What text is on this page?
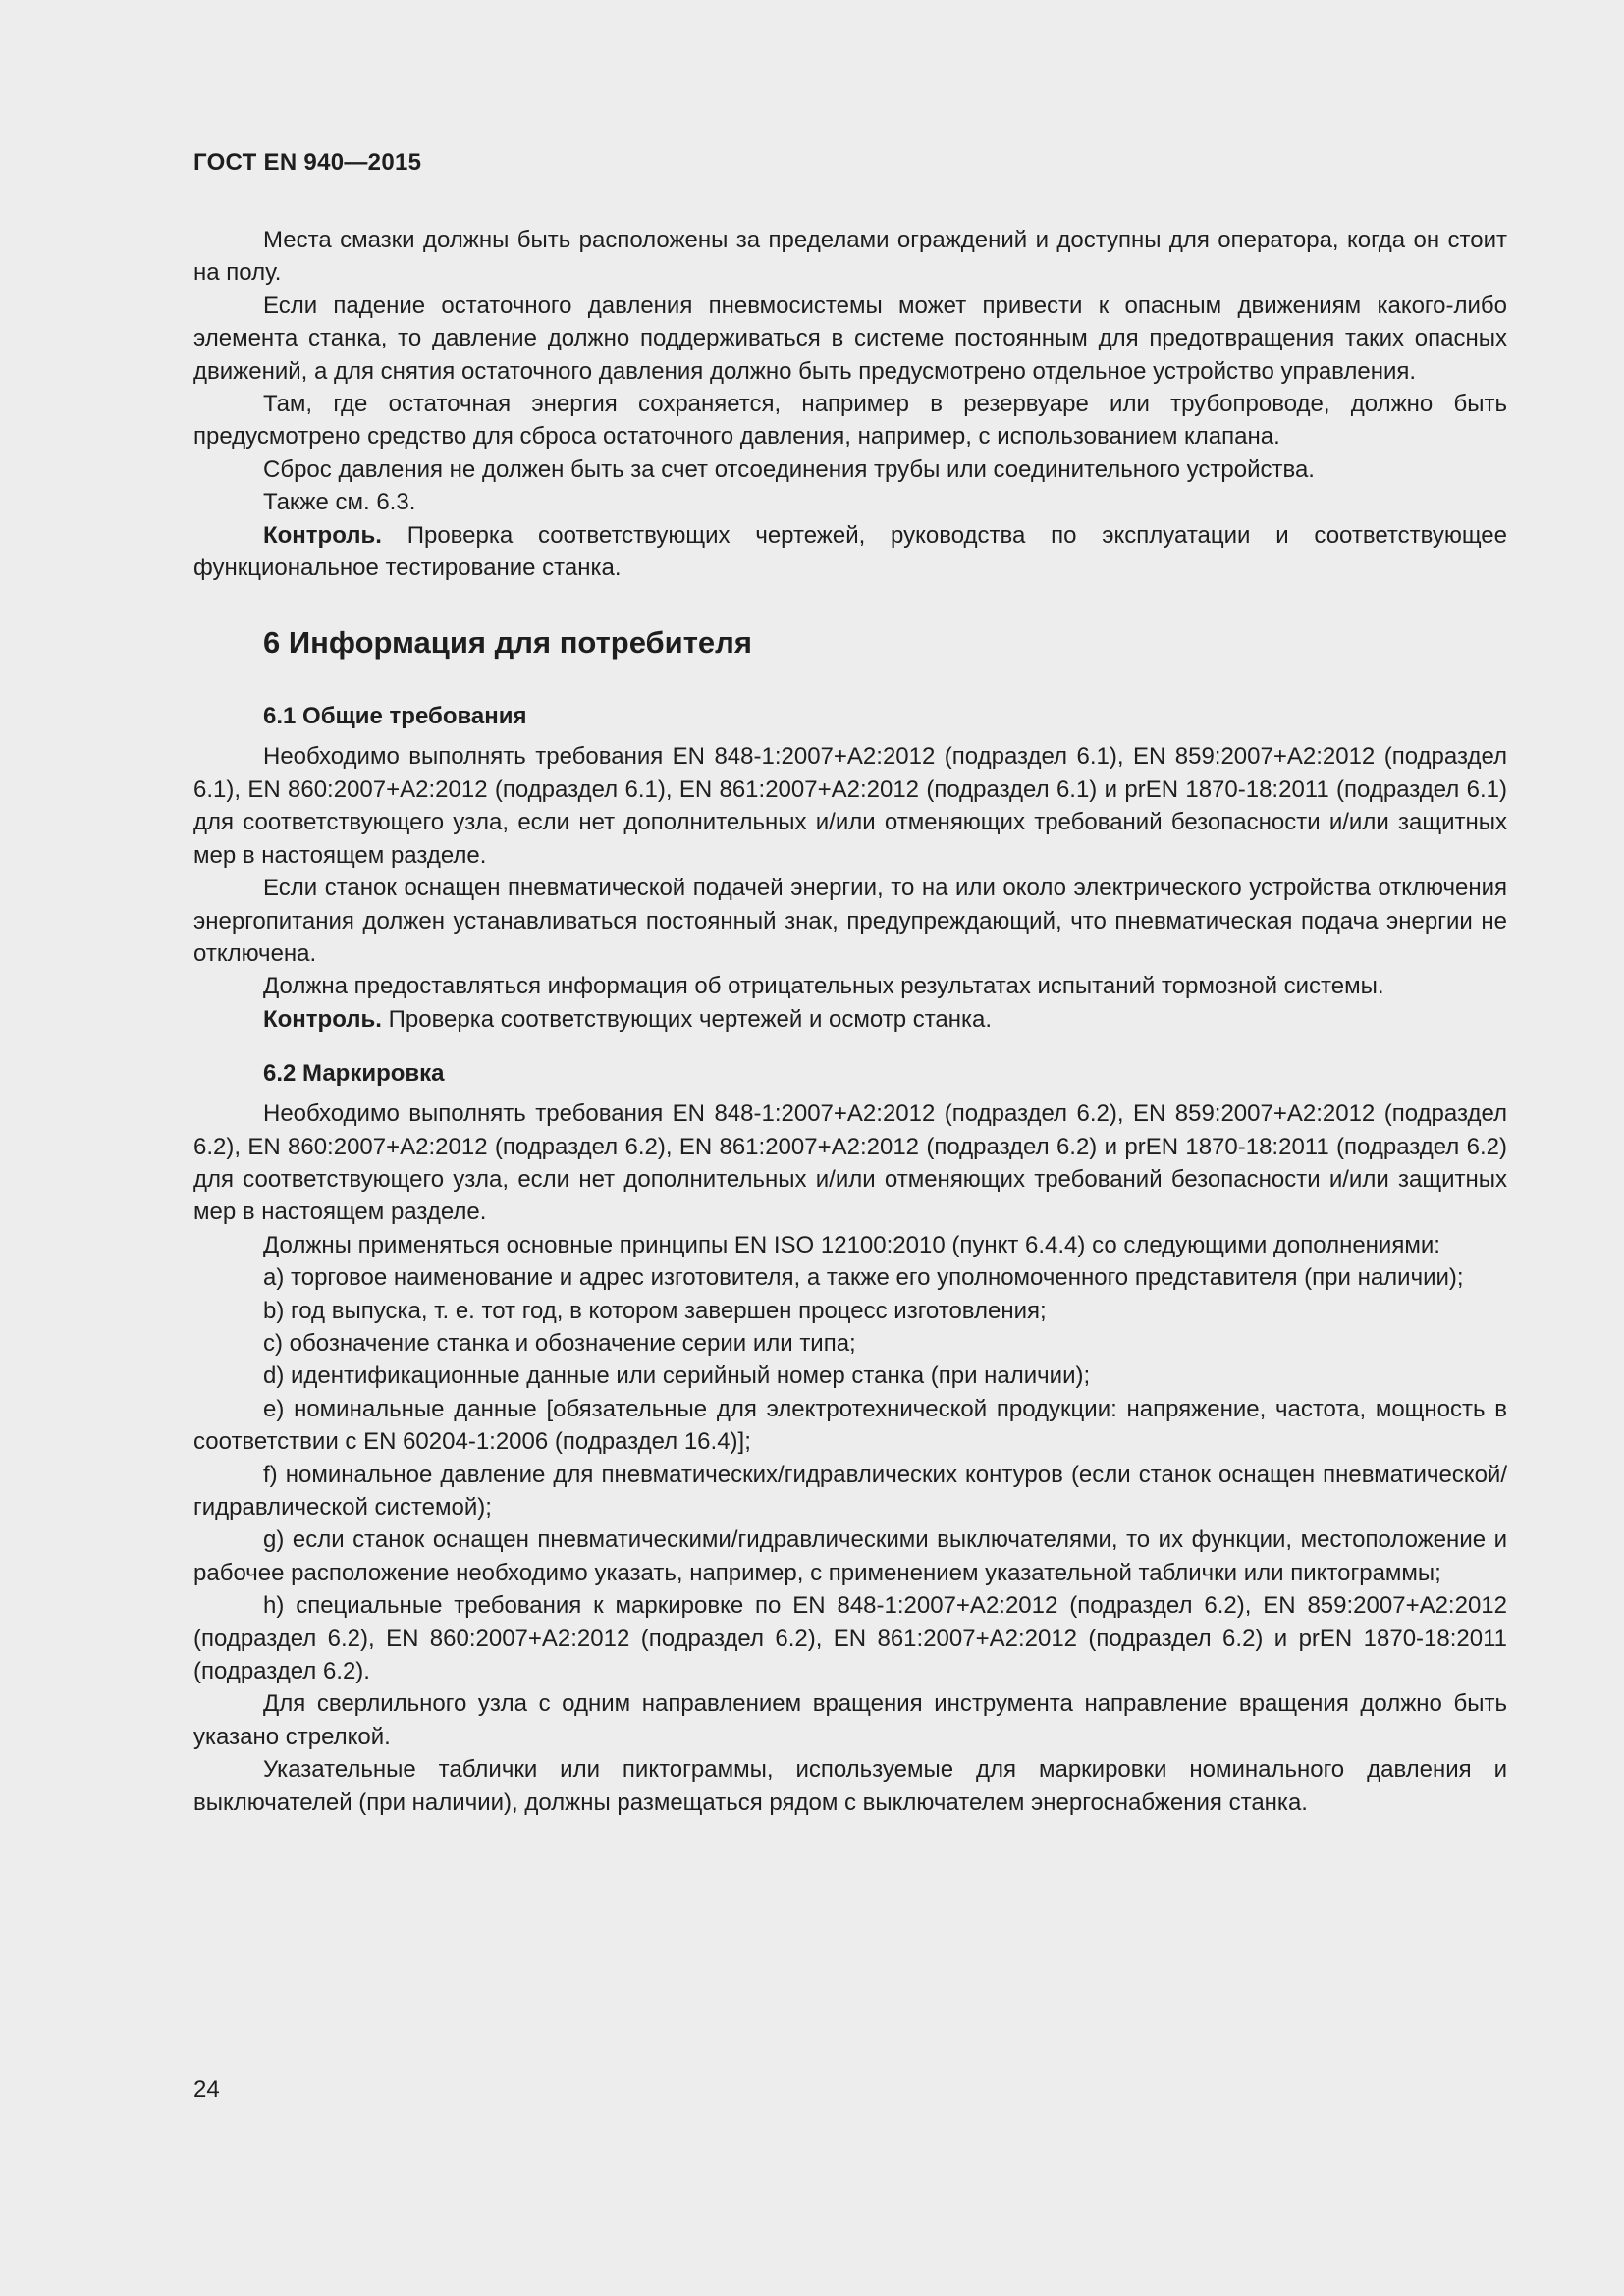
ГОСТ EN 940—2015

Места смазки должны быть расположены за пределами ограждений и доступны для оператора, когда он стоит на полу.

Если падение остаточного давления пневмосистемы может привести к опасным движениям какого-либо элемента станка, то давление должно поддерживаться в системе постоянным для предотвращения таких опасных движений, а для снятия остаточного давления должно быть предусмотрено отдельное устройство управления.

Там, где остаточная энергия сохраняется, например в резервуаре или трубопроводе, должно быть предусмотрено средство для сброса остаточного давления, например, с использованием клапана.

Сброс давления не должен быть за счет отсоединения трубы или соединительного устройства.

Также см. 6.3.

Контроль. Проверка соответствующих чертежей, руководства по эксплуатации и соответствующее функциональное тестирование станка.

6 Информация для потребителя
6.1 Общие требования

Необходимо выполнять требования EN 848-1:2007+A2:2012 (подраздел 6.1), EN 859:2007+A2:2012 (подраздел 6.1), EN 860:2007+A2:2012 (подраздел 6.1), EN 861:2007+A2:2012 (подраздел 6.1) и prEN 1870-18:2011 (подраздел 6.1) для соответствующего узла, если нет дополнительных и/или отменяющих требований безопасности и/или защитных мер в настоящем разделе.

Если станок оснащен пневматической подачей энергии, то на или около электрического устройства отключения энергопитания должен устанавливаться постоянный знак, предупреждающий, что пневматическая подача энергии не отключена.

Должна предоставляться информация об отрицательных результатах испытаний тормозной системы.

Контроль. Проверка соответствующих чертежей и осмотр станка.

6.2 Маркировка

Необходимо выполнять требования EN 848-1:2007+A2:2012 (подраздел 6.2), EN 859:2007+A2:2012 (подраздел 6.2), EN 860:2007+A2:2012 (подраздел 6.2), EN 861:2007+A2:2012 (подраздел 6.2) и prEN 1870-18:2011 (подраздел 6.2) для соответствующего узла, если нет дополнительных и/или отменяющих требований безопасности и/или защитных мер в настоящем разделе.

Должны применяться основные принципы EN ISO 12100:2010 (пункт 6.4.4) со следующими дополнениями:

a) торговое наименование и адрес изготовителя, а также его уполномоченного представителя (при наличии);

b) год выпуска, т. е. тот год, в котором завершен процесс изготовления;

c) обозначение станка и обозначение серии или типа;

d) идентификационные данные или серийный номер станка (при наличии);

e) номинальные данные [обязательные для электротехнической продукции: напряжение, частота, мощность в соответствии с EN 60204-1:2006 (подраздел 16.4)];

f) номинальное давление для пневматических/гидравлических контуров (если станок оснащен пневматической/гидравлической системой);

g) если станок оснащен пневматическими/гидравлическими выключателями, то их функции, местоположение и рабочее расположение необходимо указать, например, с применением указательной таблички или пиктограммы;

h) специальные требования к маркировке по EN 848-1:2007+A2:2012 (подраздел 6.2), EN 859:2007+A2:2012 (подраздел 6.2), EN 860:2007+A2:2012 (подраздел 6.2), EN 861:2007+A2:2012 (подраздел 6.2) и prEN 1870-18:2011 (подраздел 6.2).

Для сверлильного узла с одним направлением вращения инструмента направление вращения должно быть указано стрелкой.

Указательные таблички или пиктограммы, используемые для маркировки номинального давления и выключателей (при наличии), должны размещаться рядом с выключателем энергоснабжения станка.

24
